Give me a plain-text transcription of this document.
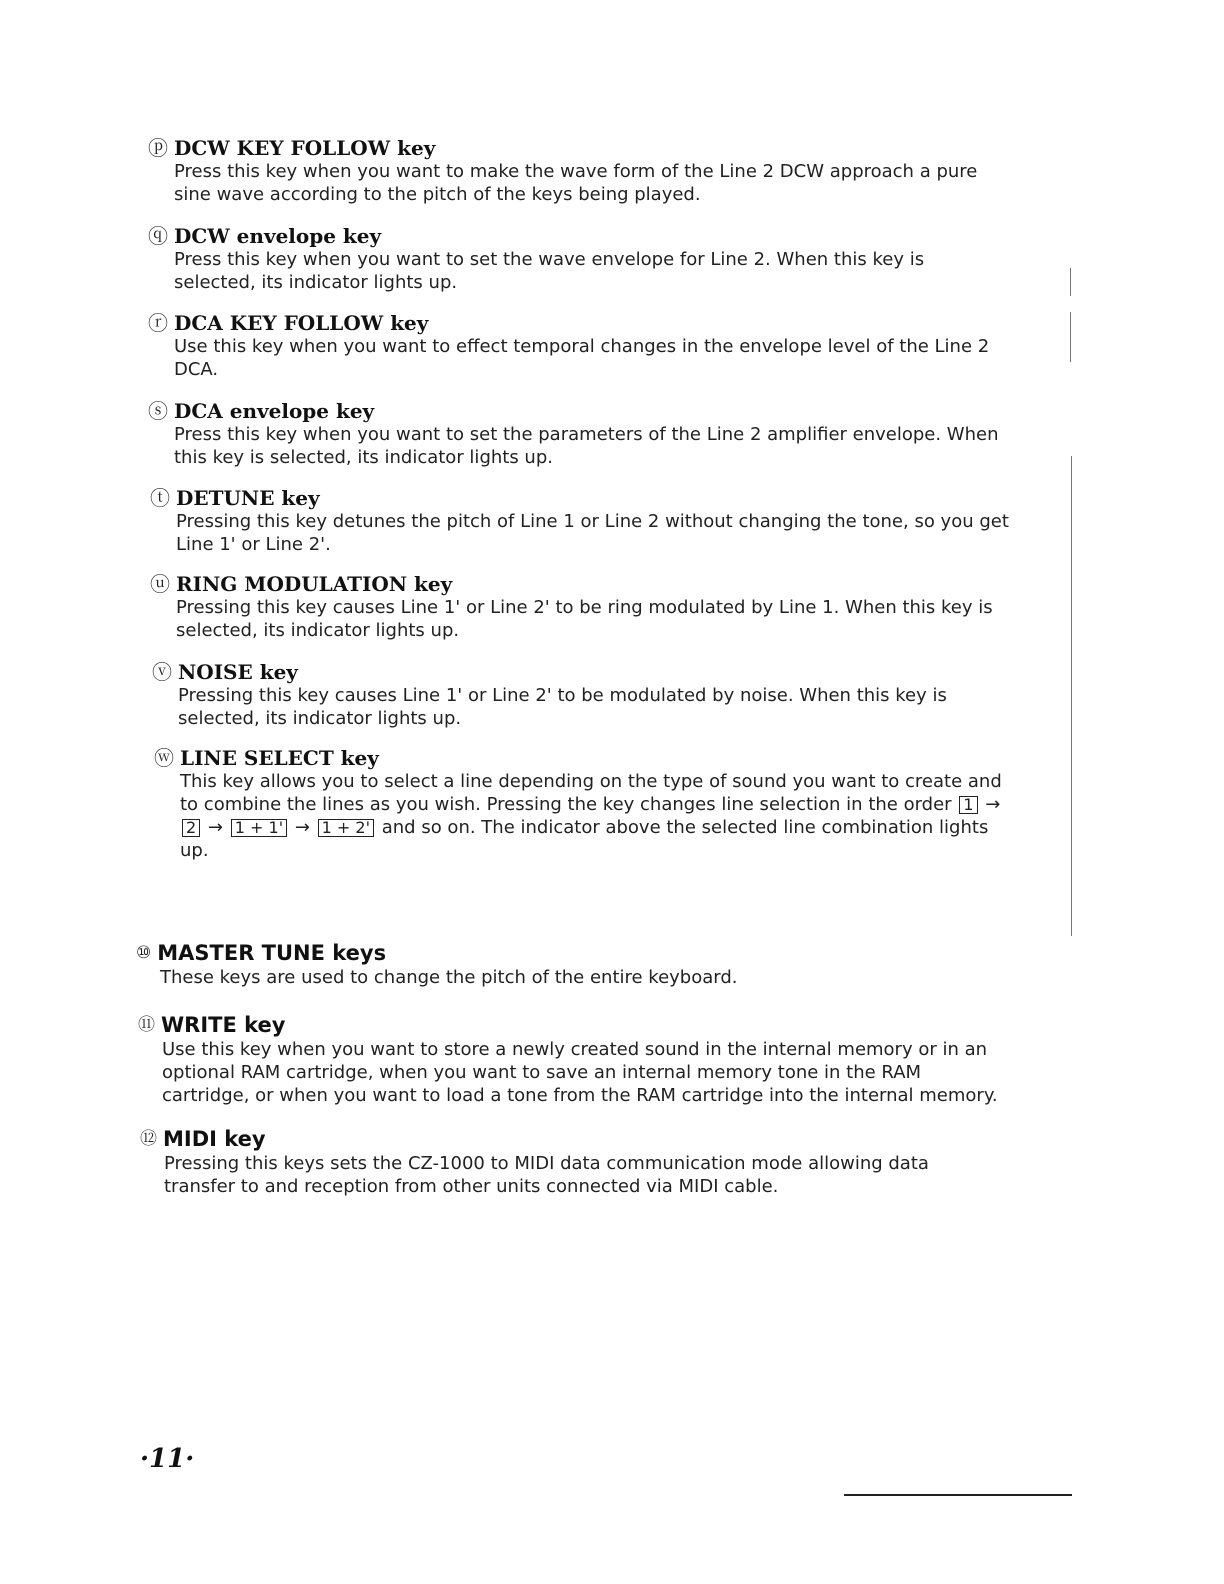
ⓟ DCW KEY FOLLOW key
Press this key when you want to make the wave form of the Line 2 DCW approach a pure sine wave according to the pitch of the keys being played.
ⓠ DCW envelope key
Press this key when you want to set the wave envelope for Line 2. When this key is selected, its indicator lights up.
ⓡ DCA KEY FOLLOW key
Use this key when you want to effect temporal changes in the envelope level of the Line 2 DCA.
ⓢ DCA envelope key
Press this key when you want to set the parameters of the Line 2 amplifier envelope. When this key is selected, its indicator lights up.
ⓣ DETUNE key
Pressing this key detunes the pitch of Line 1 or Line 2 without changing the tone, so you get Line 1' or Line 2'.
ⓤ RING MODULATION key
Pressing this key causes Line 1' or Line 2' to be ring modulated by Line 1. When this key is selected, its indicator lights up.
ⓥ NOISE key
Pressing this key causes Line 1' or Line 2' to be modulated by noise. When this key is selected, its indicator lights up.
ⓦ LINE SELECT key
This key allows you to select a line depending on the type of sound you want to create and to combine the lines as you wish. Pressing the key changes line selection in the order 1 → 2 → 1 + 1' → 1 + 2' and so on. The indicator above the selected line combination lights up.
⑩ MASTER TUNE keys
These keys are used to change the pitch of the entire keyboard.
⑪ WRITE key
Use this key when you want to store a newly created sound in the internal memory or in an optional RAM cartridge, when you want to save an internal memory tone in the RAM cartridge, or when you want to load a tone from the RAM cartridge into the internal memory.
⑫ MIDI key
Pressing this keys sets the CZ-1000 to MIDI data communication mode allowing data transfer to and reception from other units connected via MIDI cable.
·11·
